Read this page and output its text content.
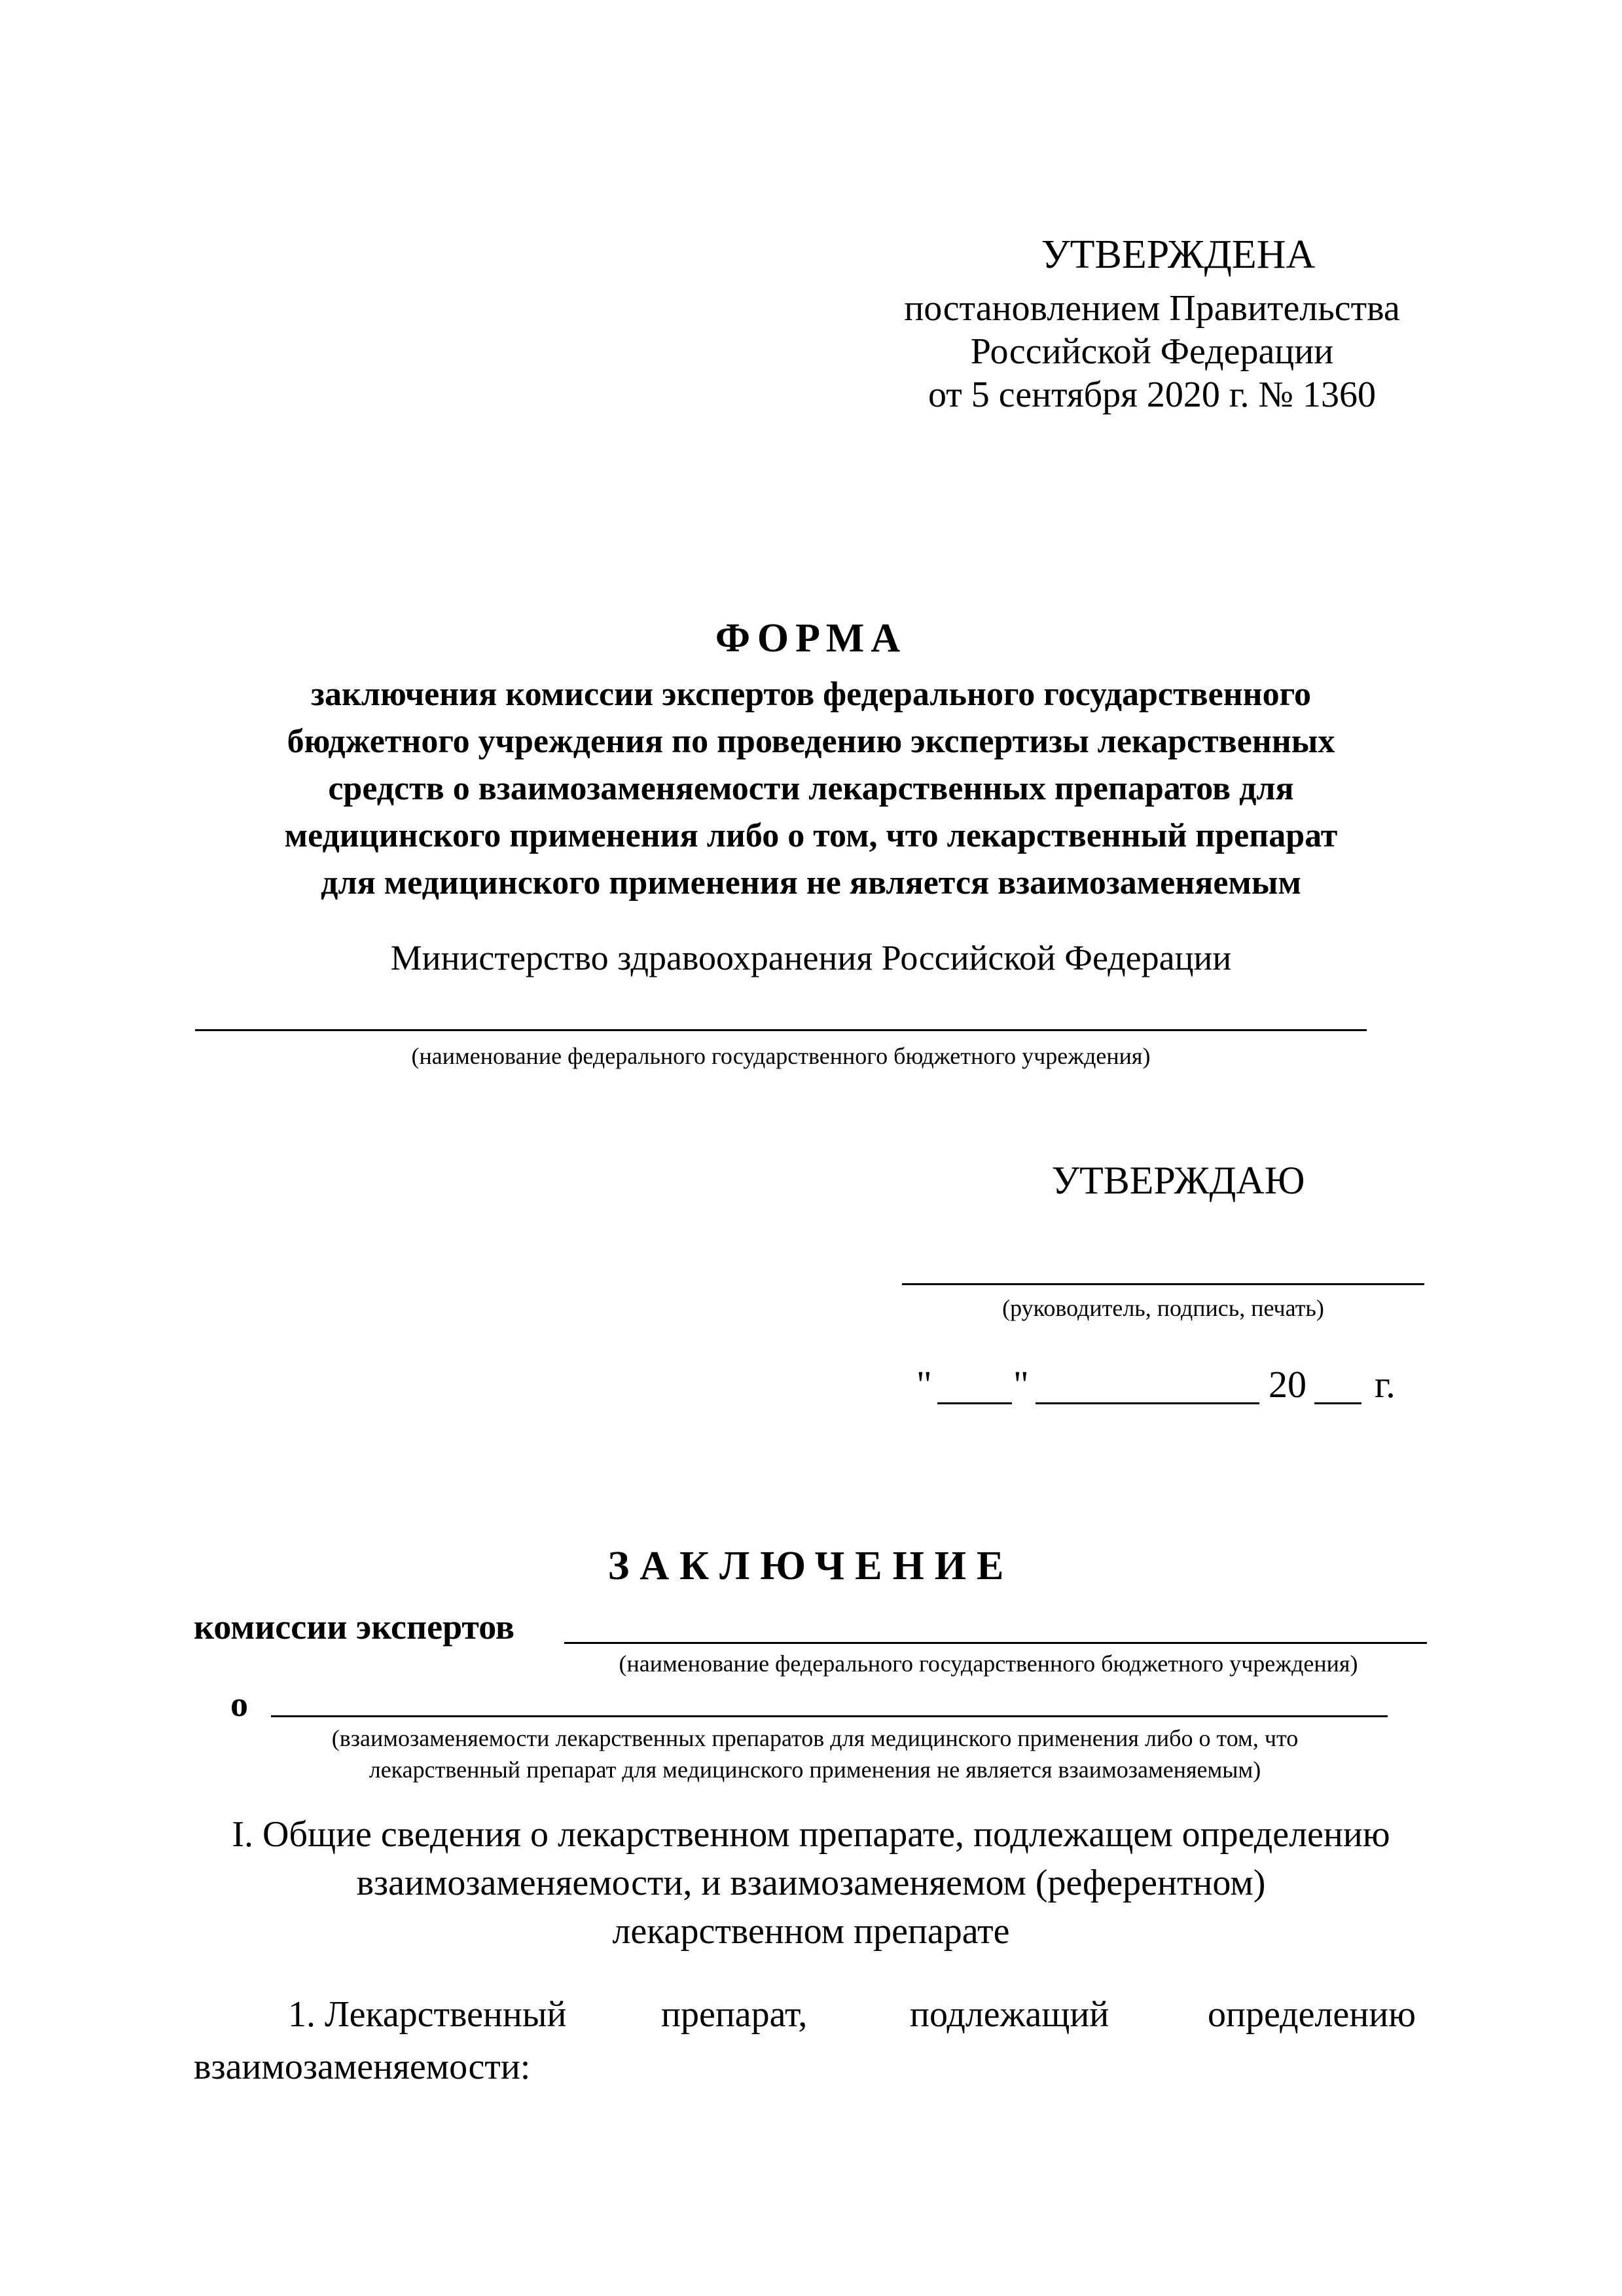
УТВЕРЖДЕНА
постановлением Правительства
Российской Федерации
от 5 сентября 2020 г. № 1360
ФОРМА
заключения комиссии экспертов федерального государственного
бюджетного учреждения по проведению экспертизы лекарственных
средств о взаимозаменяемости лекарственных препаратов для
медицинского применения либо о том, что лекарственный препарат
для медицинского применения не является взаимозаменяемым
Министерство здравоохранения Российской Федерации
(наименование федерального государственного бюджетного учреждения)
УТВЕРЖДАЮ
(руководитель, подпись, печать)
" "	20 г.
ЗАКЛЮЧЕНИЕ
комиссии экспертов
(наименование федерального государственного бюджетного учреждения)
о
(взаимозаменяемости лекарственных препаратов для медицинского применения либо о том, что
лекарственный препарат для медицинского применения не является взаимозаменяемым)
I. Общие сведения о лекарственном препарате, подлежащем определению
взаимозаменяемости, и взаимозаменяемом (референтном)
лекарственном препарате
1. Лекарственный	препарат,	подлежащий	определению
взаимозаменяемости:
